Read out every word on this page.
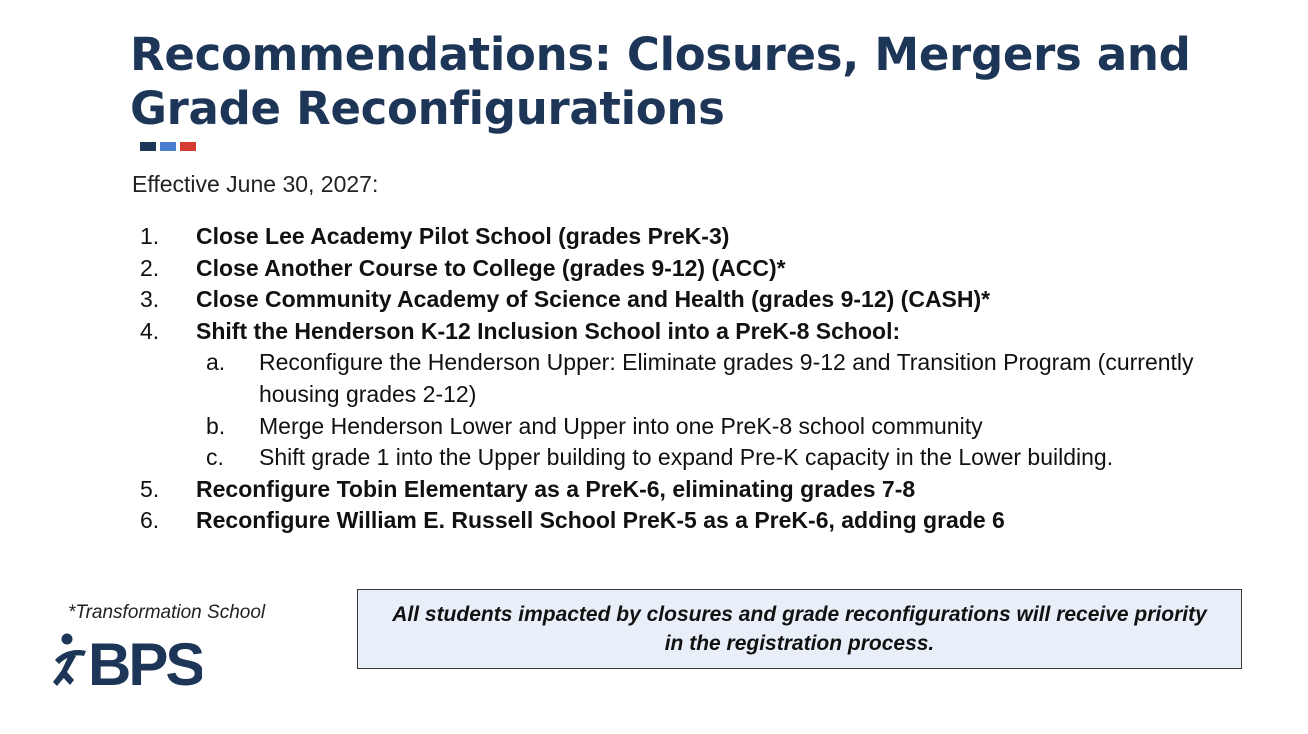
Recommendations: Closures, Mergers and Grade Reconfigurations
Effective June 30, 2027:
1.	Close Lee Academy Pilot School (grades PreK-3)
2.	Close Another Course to College (grades 9-12) (ACC)*
3.	Close Community Academy of Science and Health (grades 9-12) (CASH)*
4.	Shift the Henderson K-12 Inclusion School into a PreK-8 School:
a.	Reconfigure the Henderson Upper: Eliminate grades 9-12 and Transition Program (currently housing grades 2-12)
b.	Merge Henderson Lower and Upper into one PreK-8 school community
c.	Shift grade 1 into the Upper building to expand Pre-K capacity in the Lower building.
5.	Reconfigure Tobin Elementary as a PreK-6, eliminating grades 7-8
6.	Reconfigure William E. Russell School PreK-5 as a PreK-6, adding grade 6
*Transformation School
BPS

All students impacted by closures and grade reconfigurations will receive priority in the registration process.
